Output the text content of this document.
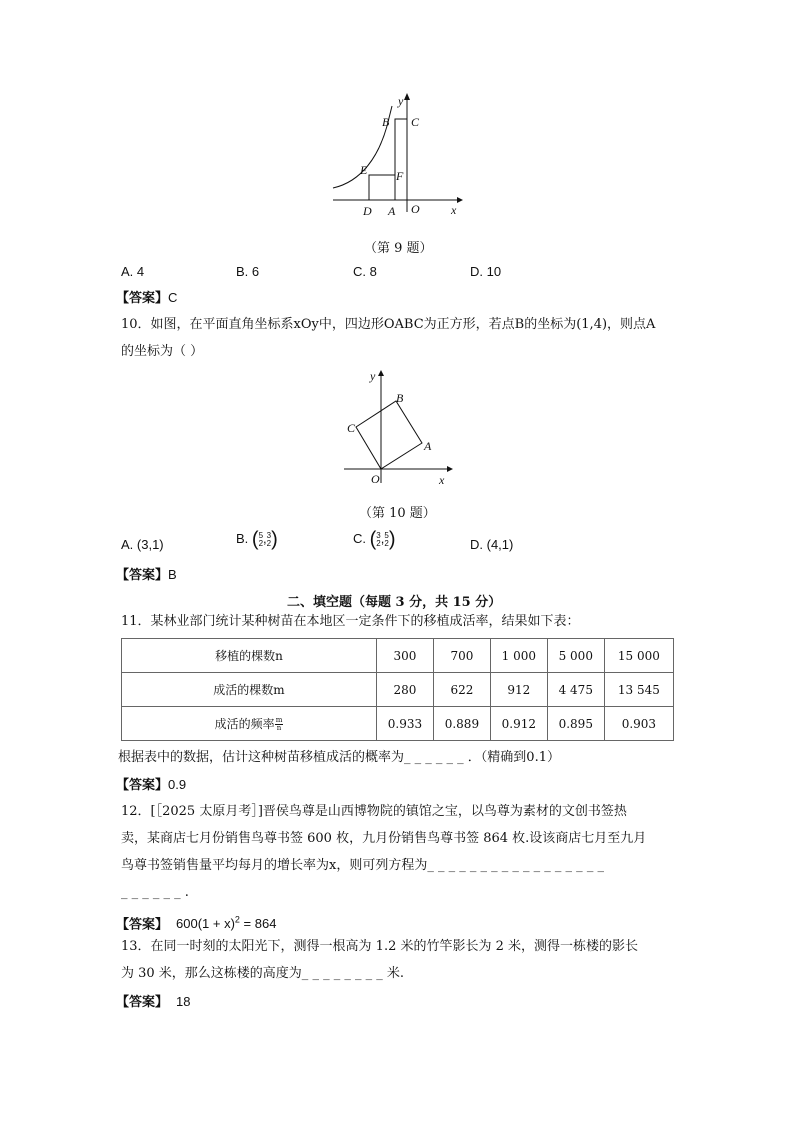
y
x
B C
E F
D A O
（第 9 题）
A. 4	B. 6	C. 8	D. 10
【答案】C
10．如图，在平面直角坐标系xOy中，四边形OABC为正方形，若点B的坐标为(1,4)，则点A
的坐标为（ ）
y
x
B
C
A
O
（第 10 题）
A. (3,1)	B. ( 5
2 , 3
2 )	C. ( 3
2 , 5
2 )	D. (4,1)
【答案】B
二、填空题（每题 3 分，共 15 分）
11．某林业部门统计某种树苗在本地区一定条件下的移植成活率，结果如下表：
移植的棵数n	300	700	1 000	5 000	15 000
成活的棵数m	280	622	912	4 475	13 545
成活的频率 $\frac{m}{n}$	0.933	0.889	0.912	0.895	0.903
根据表中的数据，估计这种树苗移植成活的概率为_ _ _ _ _ _ ．（精确到0.1）
【答案】0.9
12．[［2025 太原月考］]晋侯鸟尊是山西博物院的镇馆之宝，以鸟尊为素材的文创书签热
卖，某商店七月份销售鸟尊书签 600 枚，九月份销售鸟尊书签 864 枚.设该商店七月至九月
鸟尊书签销售量平均每月的增长率为x，则可列方程为_ _ _ _ _ _ _ _ _ _ _ _ _ _ _ _ _
_ _ _ _ _ _ .
【答案】 $600(1 + x)^2 = 864$
13．在同一时刻的太阳光下，测得一根高为 1.2 米的竹竿影长为 2 米，测得一栋楼的影长
为 30 米，那么这栋楼的高度为_ _ _ _ _ _ _ _ 米.
【答案】 18
